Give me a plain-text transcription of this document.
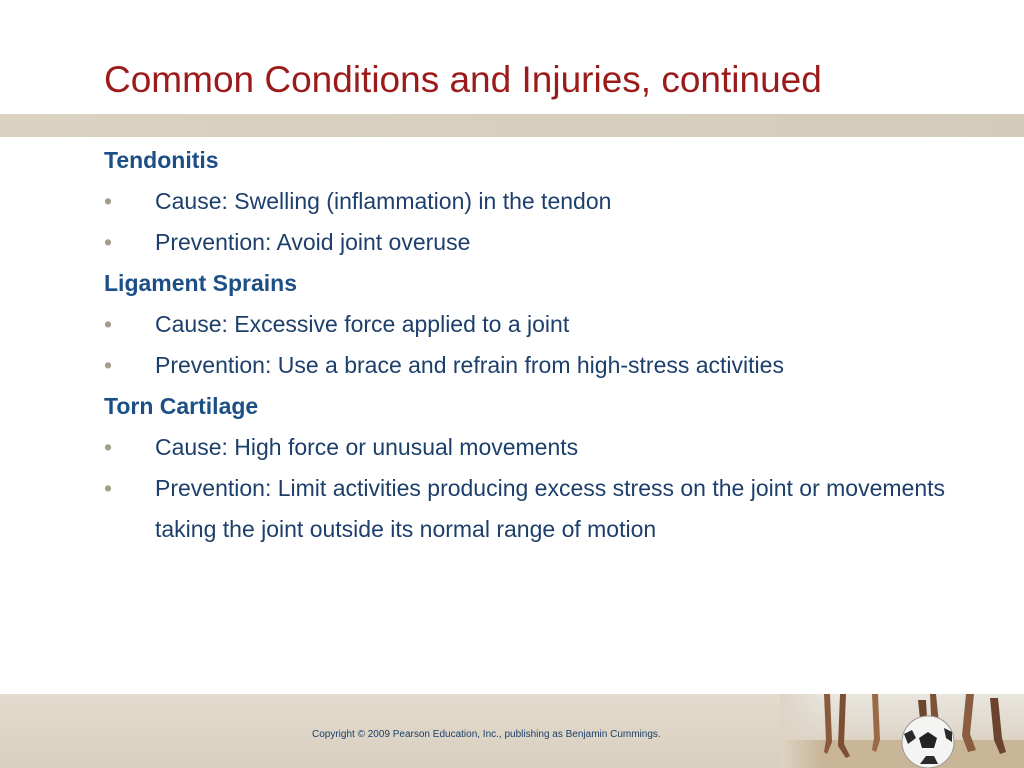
Common Conditions and Injuries, continued
Tendonitis
• Cause: Swelling (inflammation) in the tendon
• Prevention: Avoid joint overuse
Ligament Sprains
• Cause: Excessive force applied to a joint
• Prevention: Use a brace and refrain from high-stress activities
Torn Cartilage
• Cause: High force or unusual movements
• Prevention: Limit activities producing excess stress on the joint or movements taking the joint outside its normal range of motion
Copyright © 2009 Pearson Education, Inc., publishing as Benjamin Cummings.
